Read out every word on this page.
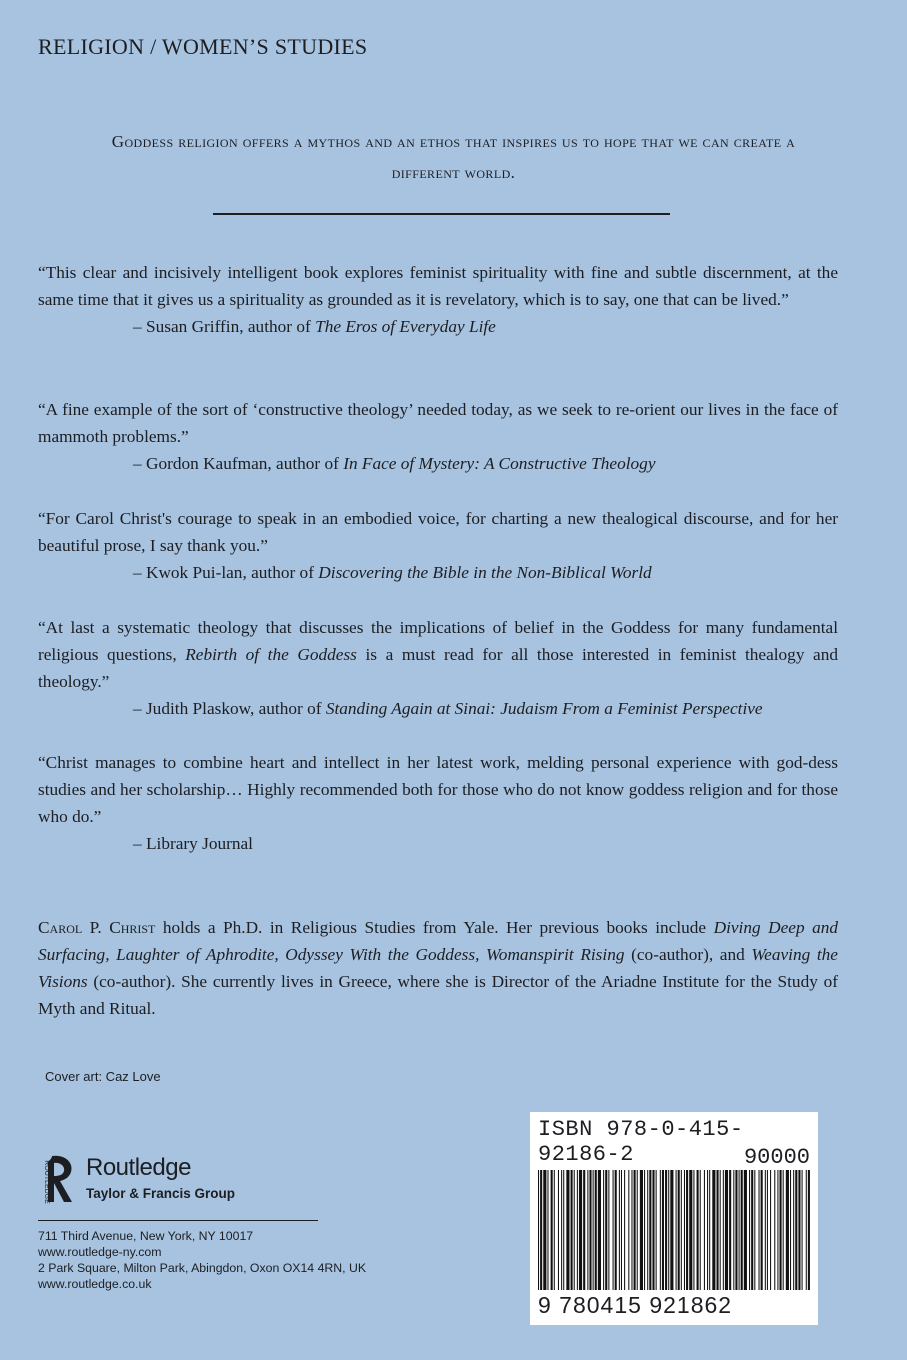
RELIGION / WOMEN’S STUDIES
Goddess religion offers a mythos and an ethos that inspires us to hope that we can create a different world.

“This clear and incisively intelligent book explores feminist spirituality with fine and subtle discernment, at the same time that it gives us a spirituality as grounded as it is revelatory, which is to say, one that can be lived.”

– Susan Griffin, author of The Eros of Everyday Life

“A fine example of the sort of ‘constructive theology’ needed today, as we seek to re-orient our lives in the face of mammoth problems.”

– Gordon Kaufman, author of In Face of Mystery: A Constructive Theology

“For Carol Christ's courage to speak in an embodied voice, for charting a new thealogical discourse, and for her beautiful prose, I say thank you.”

– Kwok Pui-lan, author of Discovering the Bible in the Non-Biblical World

“At last a systematic theology that discusses the implications of belief in the Goddess for many fundamental religious questions, Rebirth of the Goddess is a must read for all those interested in feminist thealogy and theology.”

– Judith Plaskow, author of Standing Again at Sinai: Judaism From a Feminist Perspective

“Christ manages to combine heart and intellect in her latest work, melding personal experience with god-dess studies and her scholarship… Highly recommended both for those who do not know goddess religion and for those who do.”

– Library Journal

Carol P. Christ holds a Ph.D. in Religious Studies from Yale. Her previous books include Diving Deep and Surfacing, Laughter of Aphrodite, Odyssey With the Goddess, Womanspirit Rising (co-author), and Weaving the Visions (co-author). She currently lives in Greece, where she is Director of the Ariadne Institute for the Study of Myth and Ritual.
Cover art: Caz Love
ROUTLEDGE Routledge
Taylor & Francis Group
711 Third Avenue, New York, NY 10017
www.routledge-ny.com
2 Park Square, Milton Park, Abingdon, Oxon OX14 4RN, UK
www.routledge.co.uk
ISBN 978-0-415-92186-2	90000
9 780415 921862
